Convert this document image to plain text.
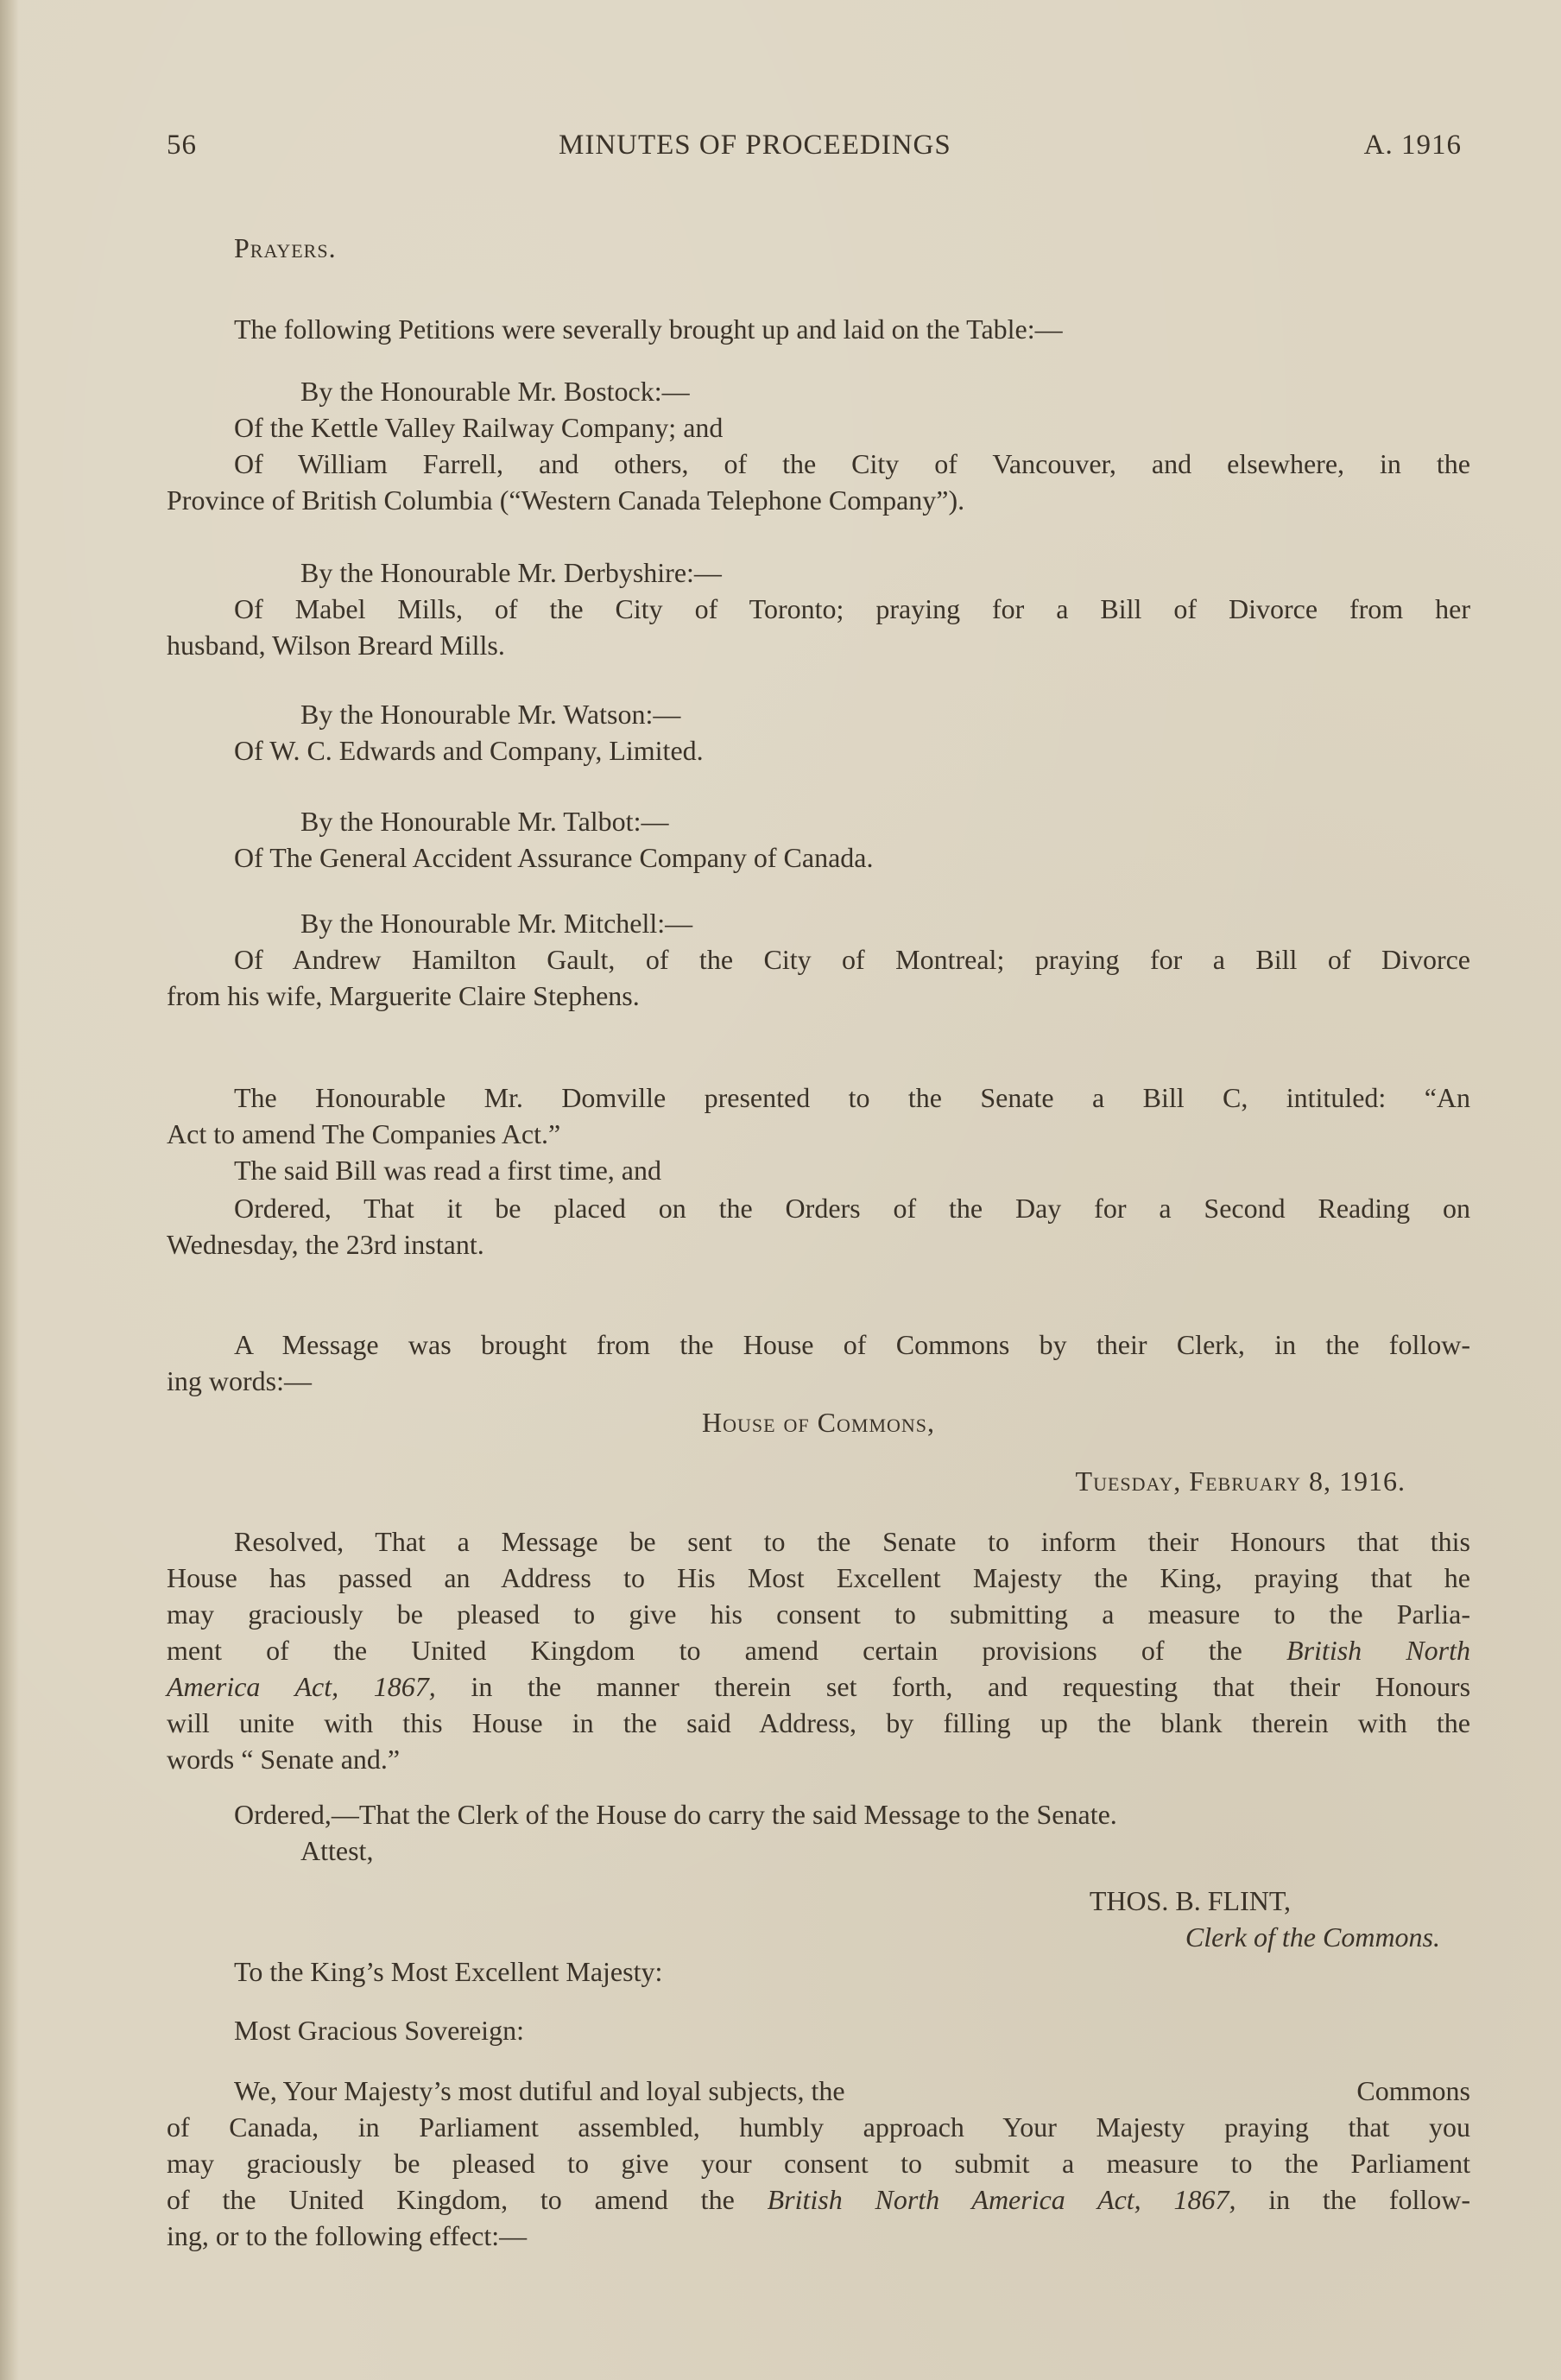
56	MINUTES OF PROCEEDINGS	A. 1916
Prayers.
The following Petitions were severally brought up and laid on the Table:—
By the Honourable Mr. Bostock:—
Of the Kettle Valley Railway Company; and
Of William Farrell, and others, of the City of Vancouver, and elsewhere, in the
Province of British Columbia (“Western Canada Telephone Company”).
By the Honourable Mr. Derbyshire:—
Of Mabel Mills, of the City of Toronto; praying for a Bill of Divorce from her
husband, Wilson Breard Mills.
By the Honourable Mr. Watson:—
Of W. C. Edwards and Company, Limited.
By the Honourable Mr. Talbot:—
Of The General Accident Assurance Company of Canada.
By the Honourable Mr. Mitchell:—
Of Andrew Hamilton Gault, of the City of Montreal; praying for a Bill of Divorce
from his wife, Marguerite Claire Stephens.
The Honourable Mr. Domville presented to the Senate a Bill C, intituled: “An
Act to amend The Companies Act.”
The said Bill was read a first time, and
Ordered, That it be placed on the Orders of the Day for a Second Reading on
Wednesday, the 23rd instant.
A Message was brought from the House of Commons by their Clerk, in the follow-
ing words:—
House of Commons,
Tuesday, February 8, 1916.
Resolved, That a Message be sent to the Senate to inform their Honours that this
House has passed an Address to His Most Excellent Majesty the King, praying that he
may graciously be pleased to give his consent to submitting a measure to the Parlia-
ment of the United Kingdom to amend certain provisions of the British North
America Act, 1867, in the manner therein set forth, and requesting that their Honours
will unite with this House in the said Address, by filling up the blank therein with the
words “ Senate and.”
Ordered,—That the Clerk of the House do carry the said Message to the Senate.
Attest,
THOS. B. FLINT,
Clerk of the Commons.
To the King’s Most Excellent Majesty:
Most Gracious Sovereign:
We, Your Majesty’s most dutiful and loyal subjects, the	Commons
of Canada, in Parliament assembled, humbly approach Your Majesty praying that you
may graciously be pleased to give your consent to submit a measure to the Parliament
of the United Kingdom, to amend the British North America Act, 1867, in the follow-
ing, or to the following effect:—
